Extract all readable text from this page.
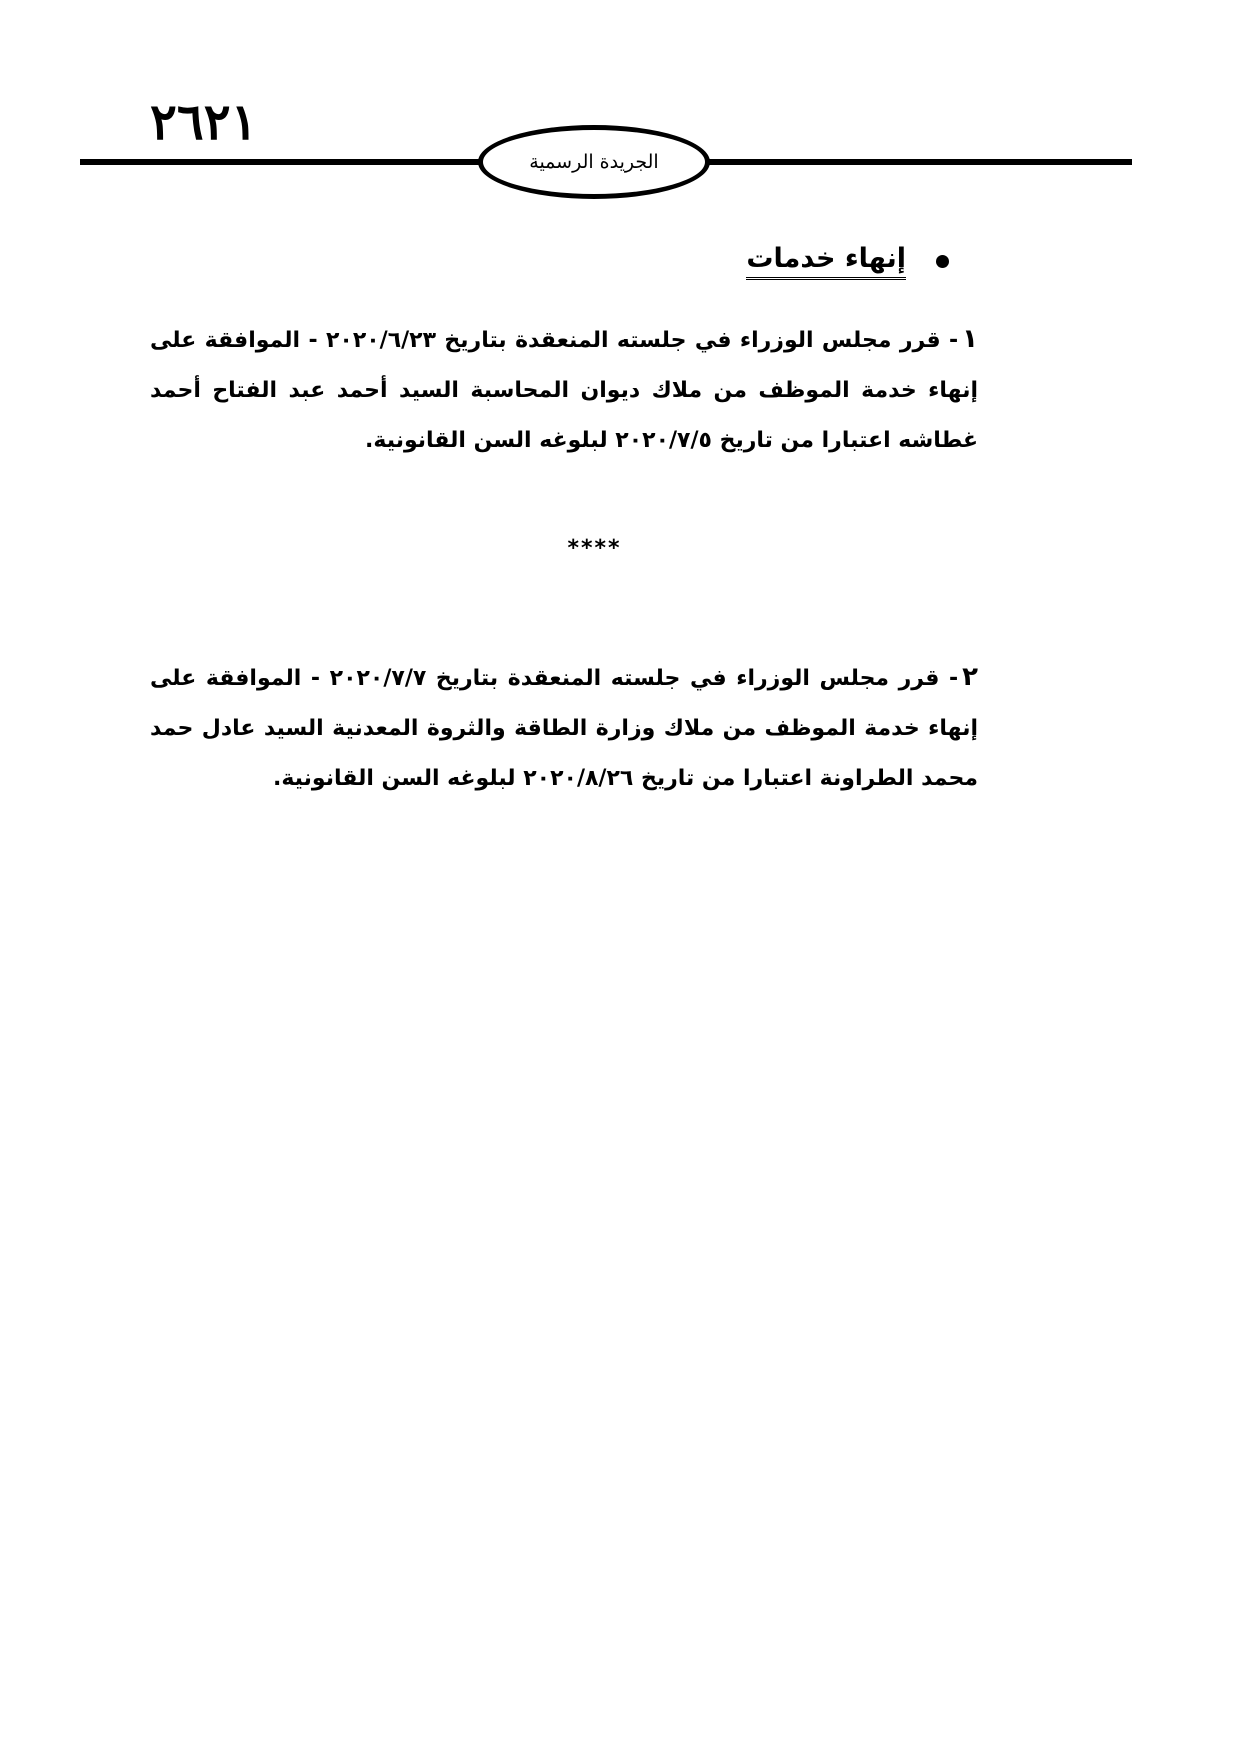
٢٦٢١
الجريدة الرسمية
إنهاء خدمات
١- قرر مجلس الوزراء في جلسته المنعقدة بتاريخ ٢٠٢٠/٦/٢٣ - الموافقة على إنهاء خدمة الموظف من ملاك ديوان المحاسبة السيد أحمد عبد الفتاح أحمد غطاشه اعتبارا من تاريخ ٢٠٢٠/٧/٥ لبلوغه السن القانونية.
****
٢- قرر مجلس الوزراء في جلسته المنعقدة بتاريخ ٢٠٢٠/٧/٧ - الموافقة على إنهاء خدمة الموظف من ملاك وزارة الطاقة والثروة المعدنية السيد عادل حمد محمد الطراونة اعتبارا من تاريخ ٢٠٢٠/٨/٢٦ لبلوغه السن القانونية.
